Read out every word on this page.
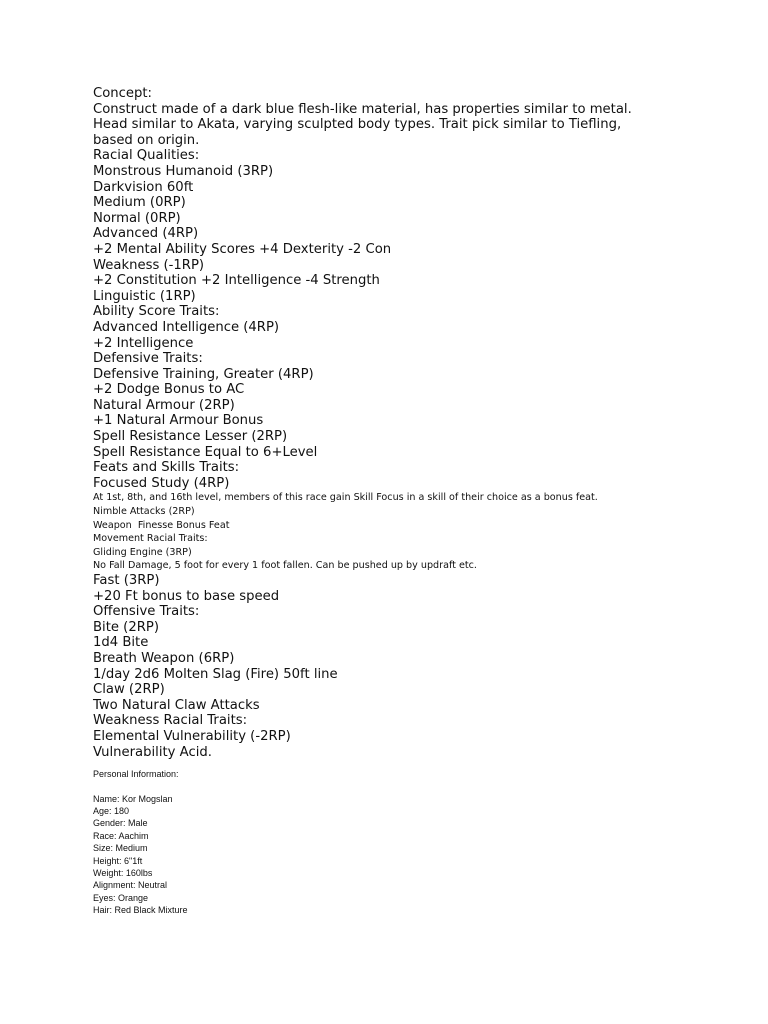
Concept:

Construct made of a dark blue flesh-like material, has properties similar to metal.

Head similar to Akata, varying sculpted body types. Trait pick similar to Tiefling,

based on origin.

Racial Qualities:

Monstrous Humanoid (3RP)

Darkvision 60ft

Medium (0RP)

Normal (0RP)

Advanced (4RP)

+2 Mental Ability Scores +4 Dexterity -2 Con

Weakness (-1RP)

+2 Constitution +2 Intelligence -4 Strength

Linguistic (1RP)

Ability Score Traits:

Advanced Intelligence (4RP)

+2 Intelligence

Defensive Traits:

Defensive Training, Greater (4RP)

+2 Dodge Bonus to AC

Natural Armour (2RP)

+1 Natural Armour Bonus

Spell Resistance Lesser (2RP)

Spell Resistance Equal to 6+Level

Feats and Skills Traits:

Focused Study (4RP)

At 1st, 8th, and 16th level, members of this race gain Skill Focus in a skill of their choice as a bonus feat.

Nimble Attacks (2RP)

Weapon  Finesse Bonus Feat

Movement Racial Traits:

Gliding Engine (3RP)

No Fall Damage, 5 foot for every 1 foot fallen. Can be pushed up by updraft etc.

Fast (3RP)

+20 Ft bonus to base speed

Offensive Traits:

Bite (2RP)

1d4 Bite

Breath Weapon (6RP)

1/day 2d6 Molten Slag (Fire) 50ft line

Claw (2RP)

Two Natural Claw Attacks

Weakness Racial Traits:

Elemental Vulnerability (-2RP)

Vulnerability Acid.

Personal Information:

Name: Kor Mogslan

Age: 180

Gender: Male

Race: Aachim

Size: Medium

Height: 6"1ft

Weight: 160lbs

Alignment: Neutral

Eyes: Orange

Hair: Red Black Mixture
